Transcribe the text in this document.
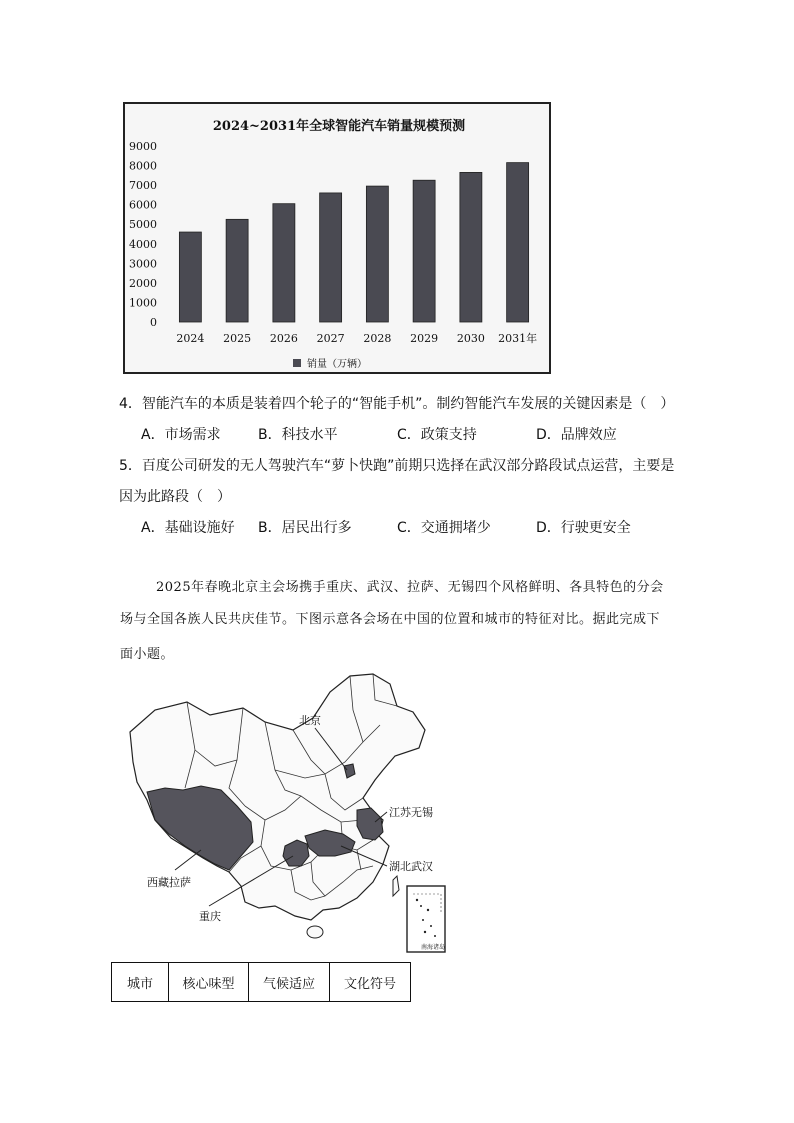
2024~2031年全球智能汽车销量规模预测
9000
8000
7000
6000
5000
4000
3000
2000
1000
0
2024 2025 2026 2027 2028 2029 2030 2031年
销量（万辆）
4．智能汽车的本质是装着四个轮子的“智能手机”。制约智能汽车发展的关键因素是（　）
A．市场需求	B．科技水平	C．政策支持	D．品牌效应
5．百度公司研发的无人驾驶汽车“萝卜快跑”前期只选择在武汉部分路段试点运营，主要是
因为此路段（　）
A．基础设施好 B．居民出行多	C．交通拥堵少	D．行驶更安全
2025年春晚北京主会场携手重庆、武汉、拉萨、无锡四个风格鲜明、各具特色的分会
场与全国各族人民共庆佳节。下图示意各会场在中国的位置和城市的特征对比。据此完成下
面小题。
北京
江苏无锡
湖北武汉
西藏拉萨
重庆
南海诸岛
城市	核心味型	气候适应	文化符号
